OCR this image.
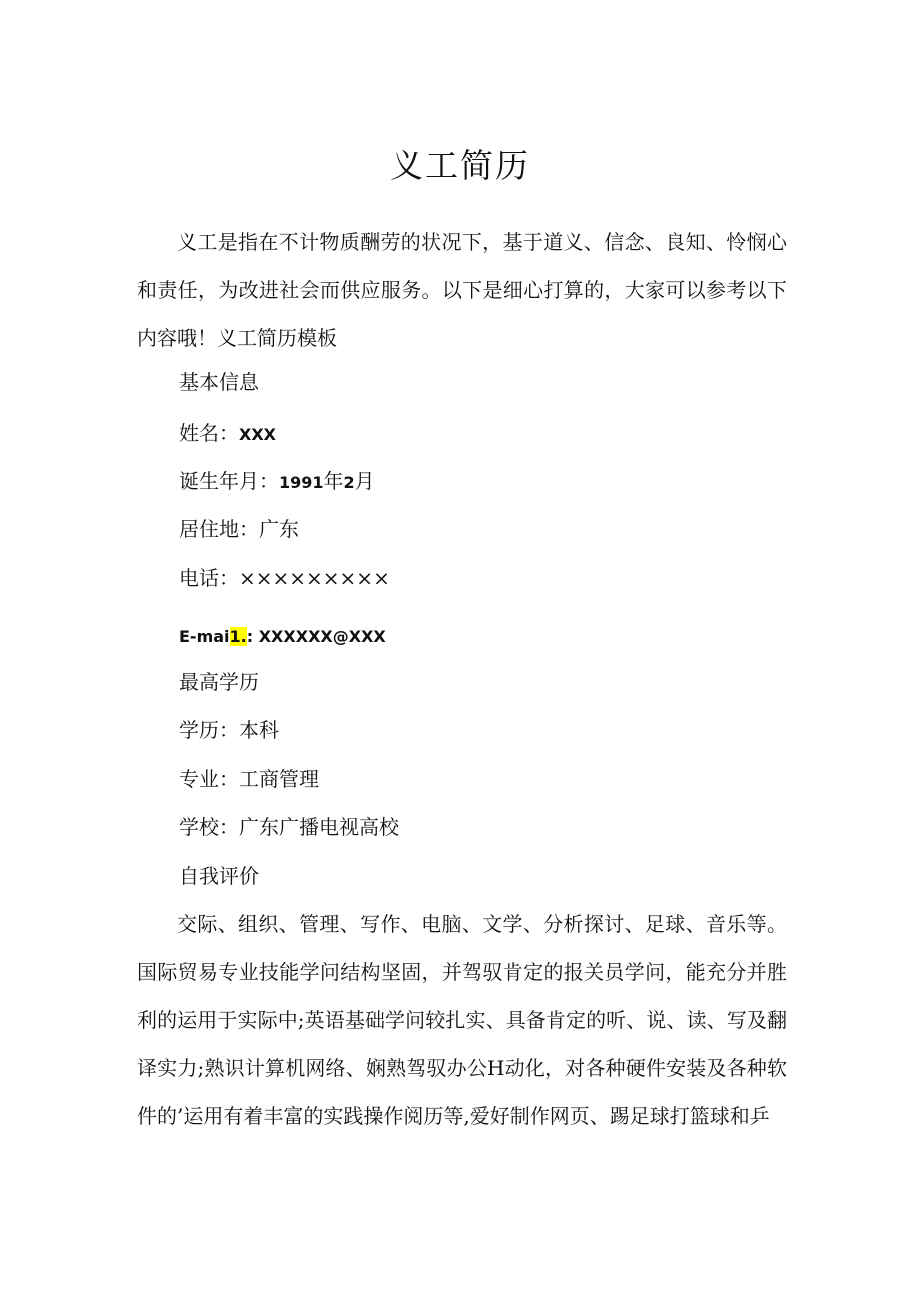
义工简历

义工是指在不计物质酬劳的状况下，基于道义、信念、良知、怜悯心和责任，为改进社会而供应服务。以下是细心打算的，大家可以参考以下内容哦！义工简历模板

基本信息

姓名：XXX

诞生年月：1991年2月

居住地：广东

电话：×××××××××

E-mai1.: XXXXXX@XXX

最高学历

学历：本科

专业：工商管理

学校：广东广播电视高校

自我评价

交际、组织、管理、写作、电脑、文学、分析探讨、足球、音乐等。国际贸易专业技能学问结构坚固，并驾驭肯定的报关员学问，能充分并胜利的运用于实际中;英语基础学问较扎实、具备肯定的听、说、读、写及翻译实力;熟识计算机网络、娴熟驾驭办公H动化，对各种硬件安装及各种软件的’运用有着丰富的实践操作阅历等,爱好制作网页、踢足球打篮球和乒
